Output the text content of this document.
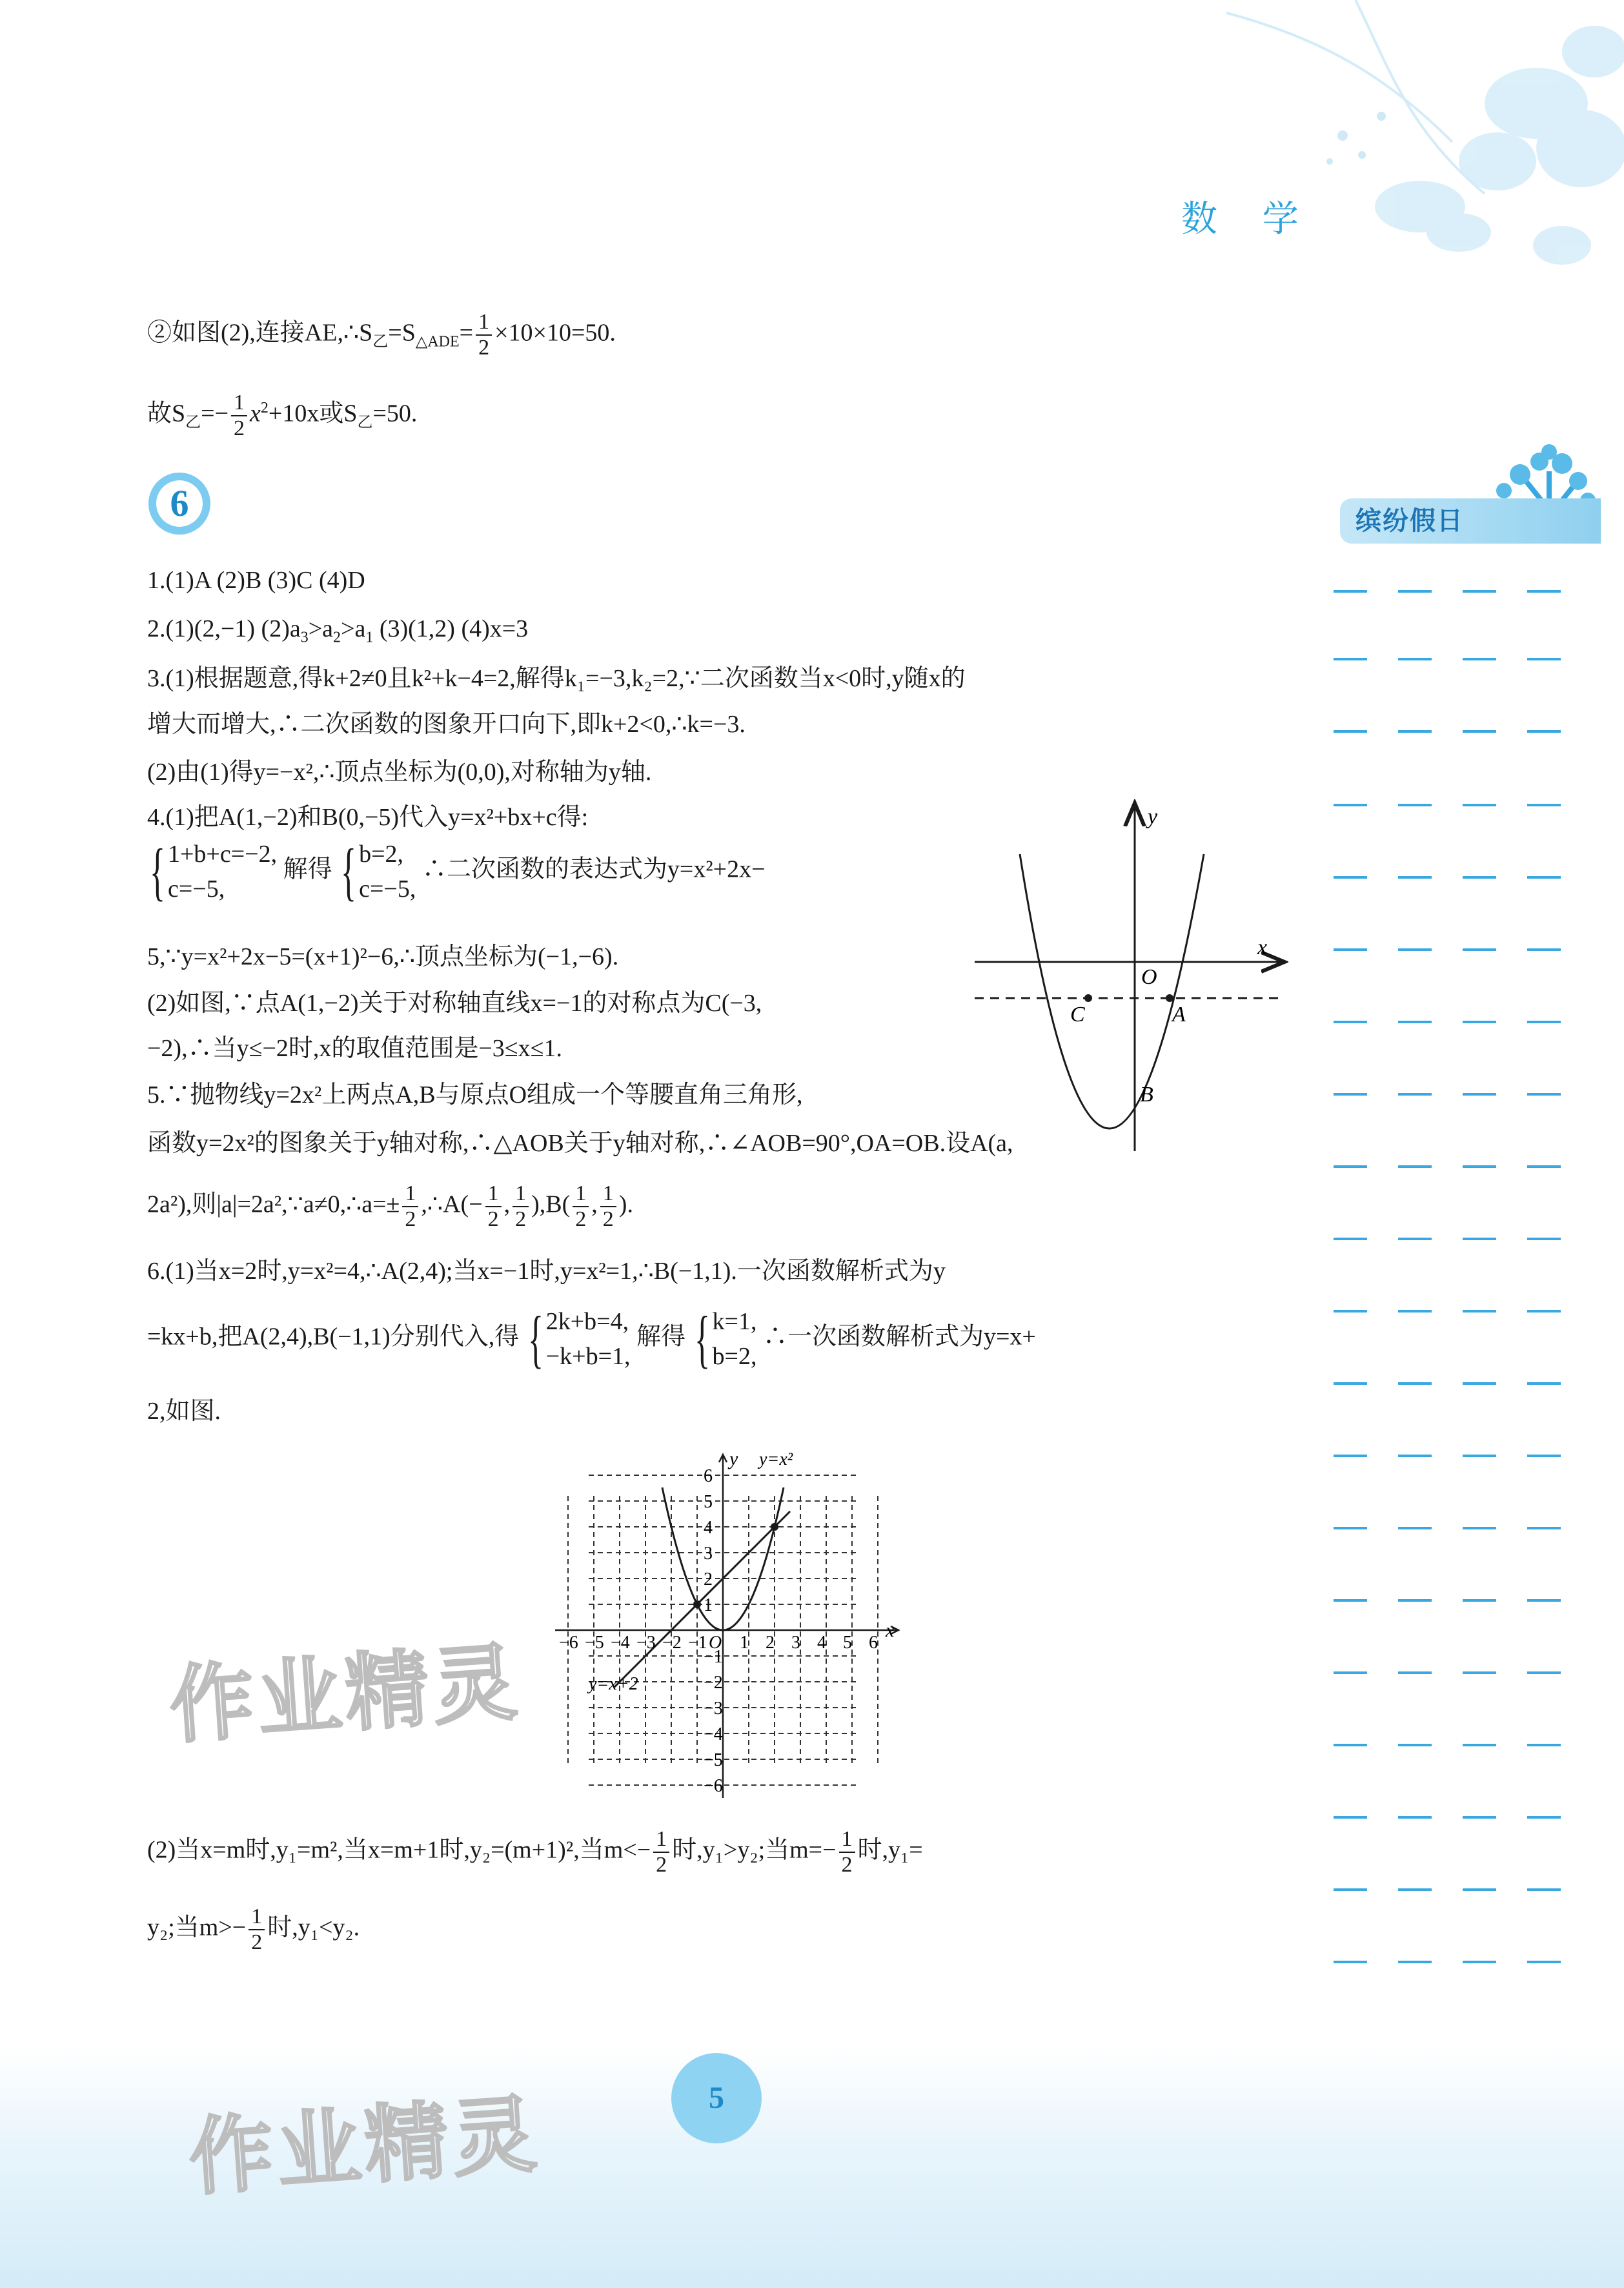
数 学
②如图(2),连接$AE,\therefore S_乙=S_{\triangle ADE}= \frac{1}{2} \times 10\times 10=50$.
故$S_乙=- \frac{1}{2} x^2+10x$或$S_乙=50$.
6	缤纷假日
1.(1)A (2)B (3)C (4)D
2.(1)(2,−1) $(2)a_3>a_2>a_1$ (3)(1,2) (4)x=3
3.(1)根据题意,得k+2≠0且k²+k−4=2,解得k₁=−3,k₂=2,∵二次函数当x<0时,y随x的
增大而增大,∴二次函数的图象开口向下,即k+2<0,∴k=−3.
(2)由(1)得y=−x²,∴顶点坐标为(0,0),对称轴为y轴.
4.(1)把A(1,−2)和B(0,−5)代入y=x²+bx+c得:
{ 1+b+c=−2,
c=−5, 解得 { b=2,
c=−5, ∴二次函数的表达式为y=x²+2x−
5,∵y=x²+2x−5=(x+1)²−6,∴顶点坐标为(−1,−6).
(2)如图,∵点A(1,−2)关于对称轴直线x=−1的对称点为C(−3,
−2),∴当y≤−2时,x的取值范围是−3≤x≤1.
y
x
O
C	A
B
5.∵抛物线y=2x²上两点A,B与原点O组成一个等腰直角三角形,
函数y=2x²的图象关于y轴对称,∴△AOB关于y轴对称,∴∠AOB=90°,OA=OB.设A(a,
2a²),则|a|=2a²,∵a≠0,∴a=± $\frac{1}{2}$ ,∴A(− $\frac{1}{2}$ , $\frac{1}{2} ),B( \frac{1}{2}$ , $\frac{1}{2}$ ).
6.(1)当x=2时,y=x²=4,∴A(2,4);当x=−1时,y=x²=1,∴B(−1,1).一次函数解析式为y
=kx+b,把A(2,4),B(−1,1)分别代入,得 { 2k+b=4,
−k+b=1, 解得 { k=1,
b=2, ∴一次函数解析式为y=x+
2,如图.
−6 −5 −4 −3 −2 −1 1 2 3 4 5 6
6
5
4
3
2
1
−1
−2
−3
−4
−5
−6
y
x
O
y=x²
y=x+2
(2)当x=m时,y₁=m²,当x=m+1时,y₂=(m+1)²,当$m<- \frac{1}{2}$ 时,y₁>y₂;当$m=- \frac{1}{2}$ 时,y₁=
y₂;当$m>- \frac{1}{2}$ 时,y₁<y₂.
作业精灵
作业精灵	5
